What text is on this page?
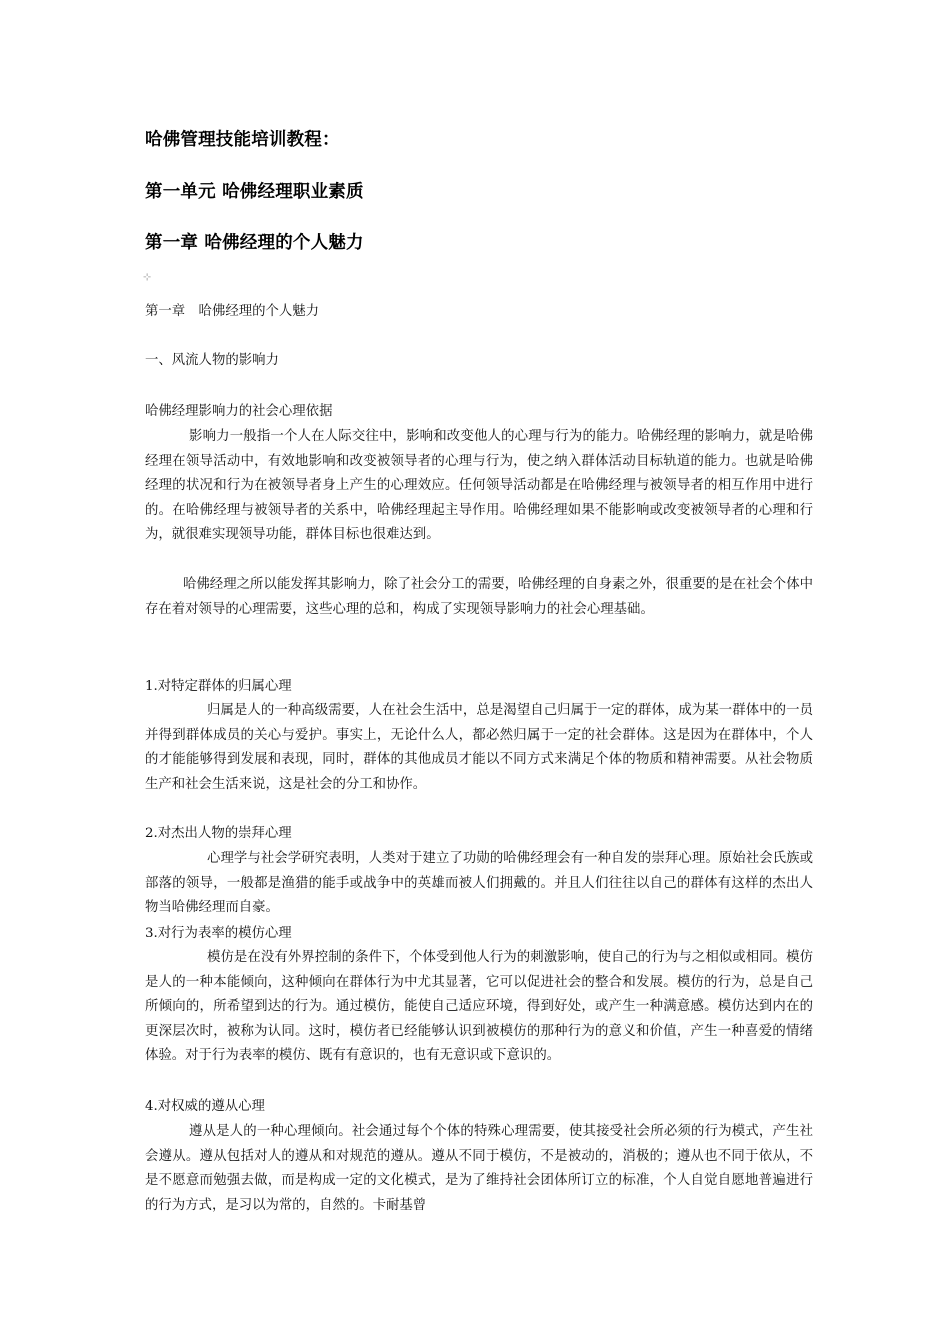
哈佛管理技能培训教程：
第一单元 哈佛经理职业素质
第一章 哈佛经理的个人魅力
⊹

第一章　哈佛经理的个人魅力

一、风流人物的影响力

哈佛经理影响力的社会心理依据

影响力一般指一个人在人际交往中，影响和改变他人的心理与行为的能力。哈佛经理的影响力，就是哈佛经理在领导活动中，有效地影响和改变被领导者的心理与行为，使之纳入群体活动目标轨道的能力。也就是哈佛经理的状况和行为在被领导者身上产生的心理效应。任何领导活动都是在哈佛经理与被领导者的相互作用中进行的。在哈佛经理与被领导者的关系中，哈佛经理起主导作用。哈佛经理如果不能影响或改变被领导者的心理和行为，就很难实现领导功能，群体目标也很难达到。

哈佛经理之所以能发挥其影响力，除了社会分工的需要，哈佛经理的自身素之外，很重要的是在社会个体中存在着对领导的心理需要，这些心理的总和，构成了实现领导影响力的社会心理基础。

1.对特定群体的归属心理

归属是人的一种高级需要，人在社会生活中，总是渴望自己归属于一定的群体，成为某一群体中的一员并得到群体成员的关心与爱护。事实上，无论什么人，都必然归属于一定的社会群体。这是因为在群体中，个人的才能能够得到发展和表现，同时，群体的其他成员才能以不同方式来满足个体的物质和精神需要。从社会物质生产和社会生活来说，这是社会的分工和协作。

2.对杰出人物的崇拜心理

心理学与社会学研究表明，人类对于建立了功勋的哈佛经理会有一种自发的崇拜心理。原始社会氏族或部落的领导，一般都是渔猎的能手或战争中的英雄而被人们拥戴的。并且人们往往以自己的群体有这样的杰出人物当哈佛经理而自豪。

3.对行为表率的模仿心理

模仿是在没有外界控制的条件下，个体受到他人行为的刺激影响，使自己的行为与之相似或相同。模仿是人的一种本能倾向，这种倾向在群体行为中尤其显著，它可以促进社会的整合和发展。模仿的行为，总是自己所倾向的，所希望到达的行为。通过模仿，能使自己适应环境，得到好处，或产生一种满意感。模仿达到内在的更深层次时，被称为认同。这时，模仿者已经能够认识到被模仿的那种行为的意义和价值，产生一种喜爱的情绪体验。对于行为表率的模仿、既有有意识的，也有无意识或下意识的。

4.对权威的遵从心理

遵从是人的一种心理倾向。社会通过每个个体的特殊心理需要，使其接受社会所必须的行为模式，产生社会遵从。遵从包括对人的遵从和对规范的遵从。遵从不同于模仿，不是被动的，消极的；遵从也不同于依从，不是不愿意而勉强去做，而是构成一定的文化模式，是为了维持社会团体所订立的标准，个人自觉自愿地普遍进行的行为方式，是习以为常的，自然的。卡耐基曾
